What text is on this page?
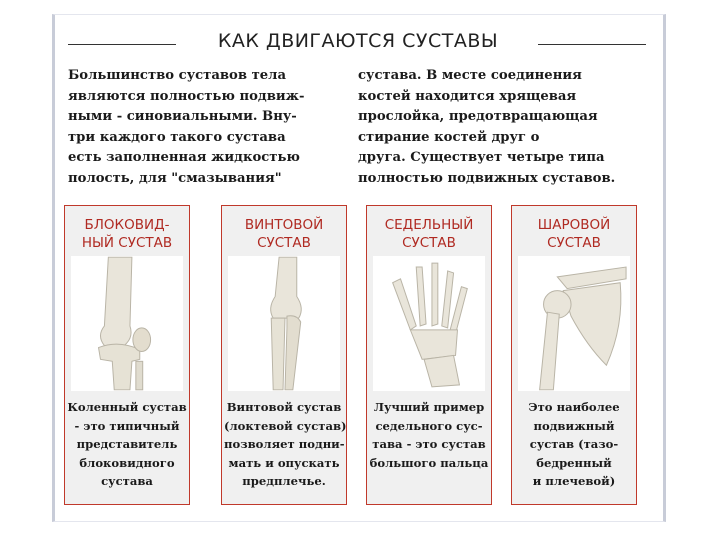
КАК ДВИГАЮТСЯ СУСТАВЫ
Большинство суставов тела
являются полностью подвиж-
ными - синовиальными. Вну-
три каждого такого сустава
есть заполненная жидкостью
полость, для "смазывания"
сустава. В месте соединения
костей находится хрящевая
прослойка, предотвращающая
стирание костей друг о
друга. Существует четыре типа
полностью подвижных суставов.
БЛОКОВИД-
НЫЙ СУСТАВ
Коленный сустав
- это типичный
представитель
блоковидного
сустава
ВИНТОВОЙ
СУСТАВ
Винтовой сустав
(локтевой сустав)
позволяет подни-
мать и опускать
предплечье.
СЕДЕЛЬНЫЙ
СУСТАВ
Лучший пример
седельного сус-
тава - это сустав
большого пальца
ШАРОВОЙ
СУСТАВ
Это наиболее
подвижный
сустав (тазо-
бедренный
и плечевой)
